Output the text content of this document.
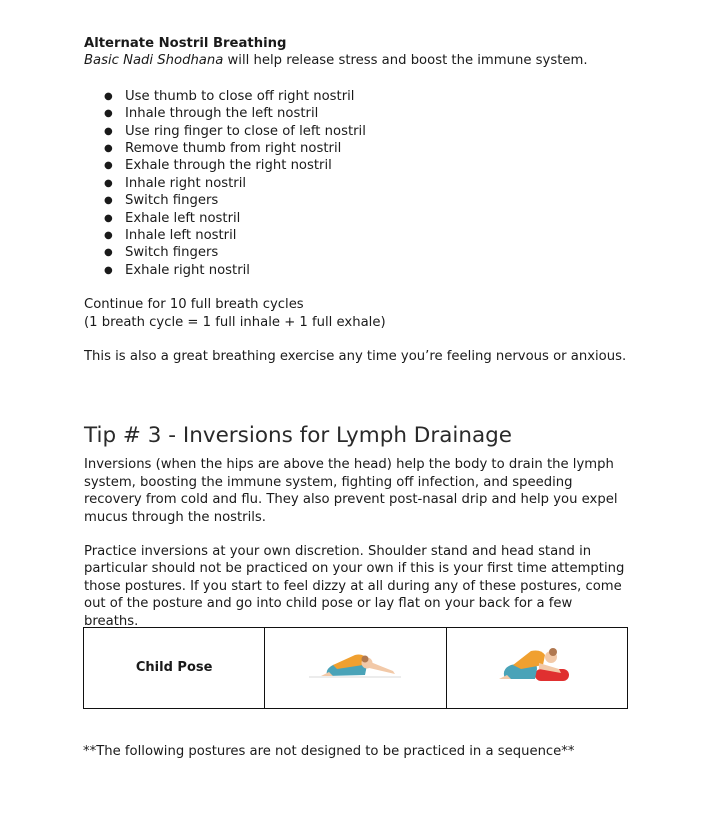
Alternate Nostril Breathing

Basic Nadi Shodhana will help release stress and boost the immune system.

● Use thumb to close off right nostril
● Inhale through the left nostril
● Use ring finger to close of left nostril
● Remove thumb from right nostril
● Exhale through the right nostril
● Inhale right nostril
● Switch fingers
● Exhale left nostril
● Inhale left nostril
● Switch fingers
● Exhale right nostril

Continue for 10 full breath cycles

(1 breath cycle = 1 full inhale + 1 full exhale)

This is also a great breathing exercise any time you’re feeling nervous or anxious.

Tip # 3 - Inversions for Lymph Drainage

Inversions (when the hips are above the head) help the body to drain the lymph system, boosting the immune system, fighting off infection, and speeding recovery from cold and flu. They also prevent post-nasal drip and help you expel mucus through the nostrils.

Practice inversions at your own discretion. Shoulder stand and head stand in particular should not be practiced on your own if this is your first time attempting those postures. If you start to feel dizzy at all during any of these postures, come out of the posture and go into child pose or lay flat on your back for a few breaths.

Child Pose		

**The following postures are not designed to be practiced in a sequence**
